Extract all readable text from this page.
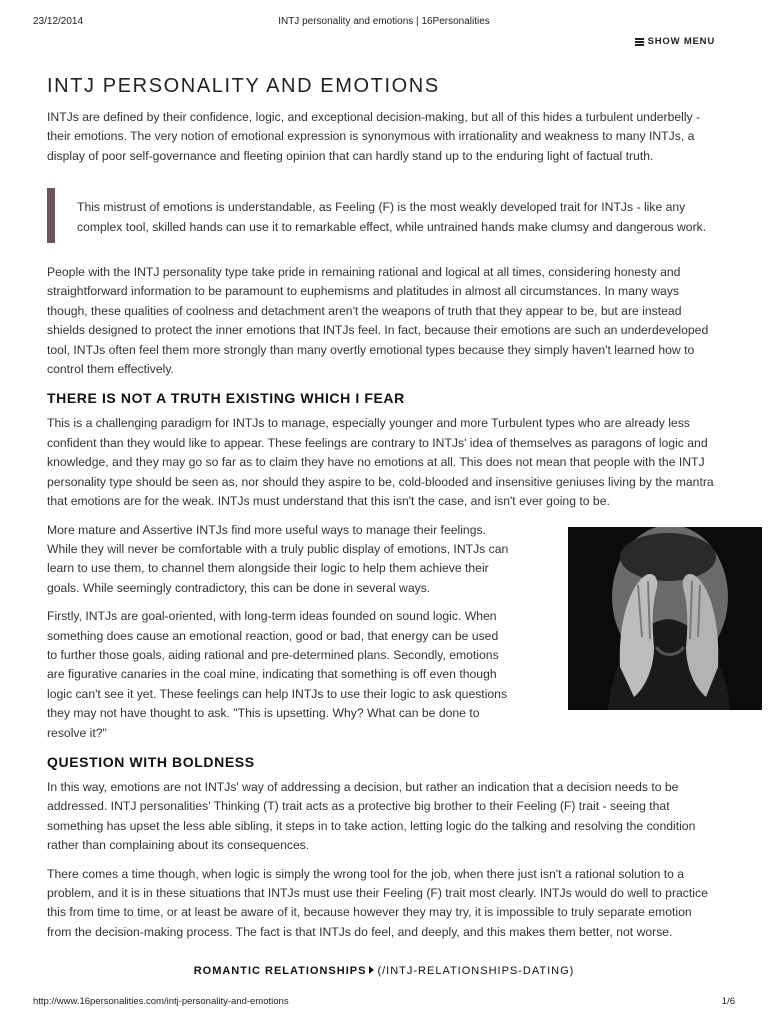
23/12/2014	INTJ personality and emotions | 16Personalities
SHOW MENU
INTJ PERSONALITY AND EMOTIONS

INTJs are defined by their confidence, logic, and exceptional decision-making, but all of this hides a turbulent underbelly - their emotions. The very notion of emotional expression is synonymous with irrationality and weakness to many INTJs, a display of poor self-governance and fleeting opinion that can hardly stand up to the enduring light of factual truth.

This mistrust of emotions is understandable, as Feeling (F) is the most weakly developed trait for INTJs - like any complex tool, skilled hands can use it to remarkable effect, while untrained hands make clumsy and dangerous work.

People with the INTJ personality type take pride in remaining rational and logical at all times, considering honesty and straightforward information to be paramount to euphemisms and platitudes in almost all circumstances. In many ways though, these qualities of coolness and detachment aren't the weapons of truth that they appear to be, but are instead shields designed to protect the inner emotions that INTJs feel. In fact, because their emotions are such an underdeveloped tool, INTJs often feel them more strongly than many overtly emotional types because they simply haven't learned how to control them effectively.

THERE IS NOT A TRUTH EXISTING WHICH I FEAR

This is a challenging paradigm for INTJs to manage, especially younger and more Turbulent types who are already less confident than they would like to appear. These feelings are contrary to INTJs' idea of themselves as paragons of logic and knowledge, and they may go so far as to claim they have no emotions at all. This does not mean that people with the INTJ personality type should be seen as, nor should they aspire to be, cold-blooded and insensitive geniuses living by the mantra that emotions are for the weak. INTJs must understand that this isn't the case, and isn't ever going to be.

More mature and Assertive INTJs find more useful ways to manage their feelings. While they will never be comfortable with a truly public display of emotions, INTJs can learn to use them, to channel them alongside their logic to help them achieve their goals. While seemingly contradictory, this can be done in several ways.

Firstly, INTJs are goal-oriented, with long-term ideas founded on sound logic. When something does cause an emotional reaction, good or bad, that energy can be used to further those goals, aiding rational and pre-determined plans. Secondly, emotions are figurative canaries in the coal mine, indicating that something is off even though logic can't see it yet. These feelings can help INTJs to use their logic to ask questions they may not have thought to ask. "This is upsetting. Why? What can be done to resolve it?"

QUESTION WITH BOLDNESS

In this way, emotions are not INTJs' way of addressing a decision, but rather an indication that a decision needs to be addressed. INTJ personalities' Thinking (T) trait acts as a protective big brother to their Feeling (F) trait - seeing that something has upset the less able sibling, it steps in to take action, letting logic do the talking and resolving the condition rather than complaining about its consequences.

There comes a time though, when logic is simply the wrong tool for the job, when there just isn't a rational solution to a problem, and it is in these situations that INTJs must use their Feeling (F) trait most clearly. INTJs would do well to practice this from time to time, or at least be aware of it, because however they may try, it is impossible to truly separate emotion from the decision-making process. The fact is that INTJs do feel, and deeply, and this makes them better, not worse.

ROMANTIC RELATIONSHIPS (/INTJ-RELATIONSHIPS-DATING)
http://www.16personalities.com/intj-personality-and-emotions	1/6
